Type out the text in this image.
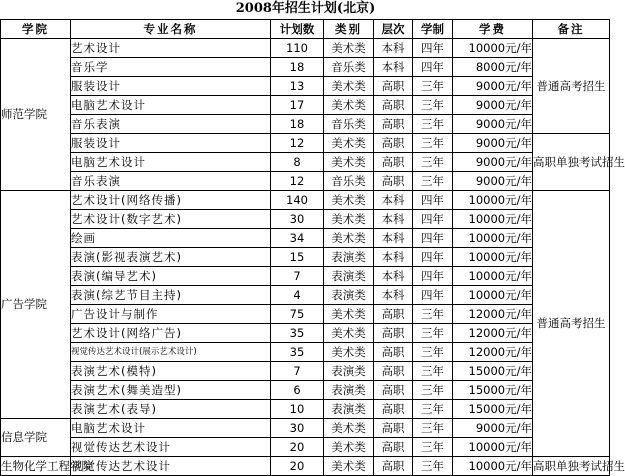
2008年招生计划(北京)
学院	专业名称	计划数	类别	层次	学制	学费	备注
师范学院	艺术设计	110	美术类	本科	四年	10000元/年	普通高考招生
	音乐学	18	音乐类	本科	四年	8000元/年	
	服装设计	13	美术类	高职	三年	9000元/年	
	电脑艺术设计	17	美术类	高职	三年	9000元/年	
	音乐表演	18	音乐类	高职	三年	9000元/年	
	服装设计	12	美术类	高职	三年	9000元/年	高职单独考试招生
	电脑艺术设计	8	美术类	高职	三年	9000元/年	
	音乐表演	12	音乐类	高职	三年	9000元/年	
广告学院	艺术设计(网络传播)	140	美术类	本科	四年	10000元/年	普通高考招生
	艺术设计(数字艺术)	30	美术类	本科	四年	10000元/年	
	绘画	34	美术类	本科	四年	10000元/年	
	表演(影视表演艺术)	15	表演类	本科	四年	10000元/年	
	表演(编导艺术)	7	表演类	本科	四年	10000元/年	
	表演(综艺节目主持)	4	表演类	本科	四年	10000元/年	
	广告设计与制作	75	美术类	高职	三年	12000元/年	
	艺术设计(网络广告)	35	美术类	高职	三年	12000元/年	
	视觉传达艺术设计(展示艺术设计)	35	美术类	高职	三年	12000元/年	
	表演艺术(模特)	7	表演类	高职	三年	15000元/年	
	表演艺术(舞美造型)	6	表演类	高职	三年	15000元/年	
	表演艺术(表导)	10	表演类	高职	三年	15000元/年	
信息学院	电脑艺术设计	30	美术类	高职	三年	9000元/年	
	视觉传达艺术设计	20	美术类	高职	三年	10000元/年	
生物化学工程学院	视觉传达艺术设计	20	美术类	高职	三年	10000元/年	高职单独考试招生
